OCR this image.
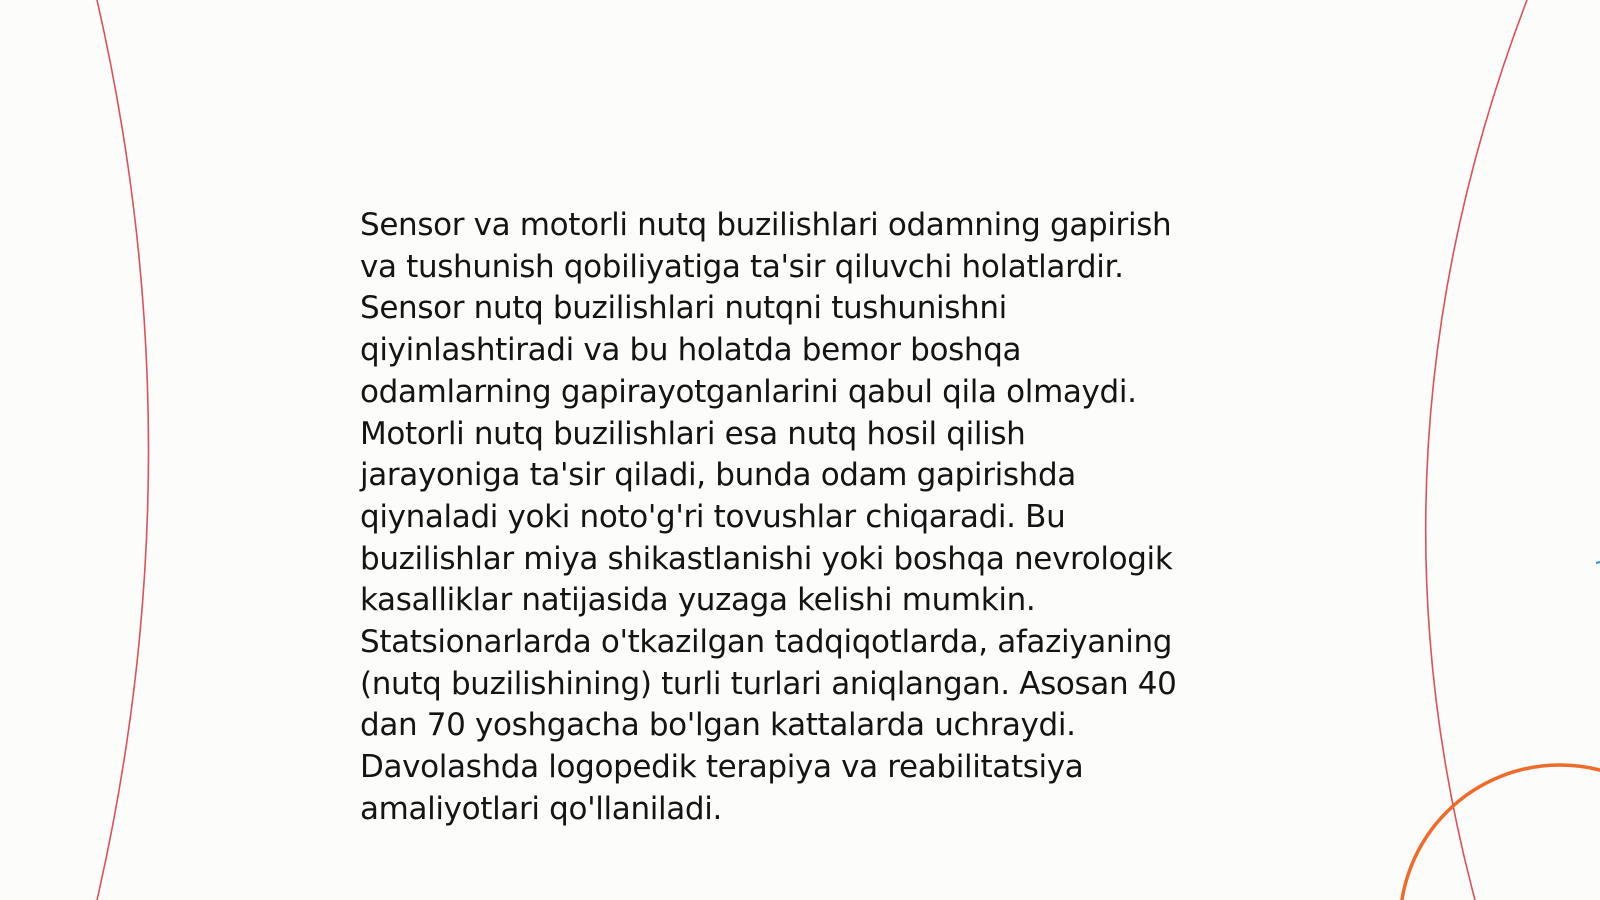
Sensor va motorli nutq buzilishlari odamning gapirish
va tushunish qobiliyatiga ta'sir qiluvchi holatlardir.
Sensor nutq buzilishlari nutqni tushunishni
qiyinlashtiradi va bu holatda bemor boshqa
odamlarning gapirayotganlarini qabul qila olmaydi.
Motorli nutq buzilishlari esa nutq hosil qilish
jarayoniga ta'sir qiladi, bunda odam gapirishda
qiynaladi yoki noto'g'ri tovushlar chiqaradi. Bu
buzilishlar miya shikastlanishi yoki boshqa nevrologik
kasalliklar natijasida yuzaga kelishi mumkin.
Statsionarlarda o'tkazilgan tadqiqotlarda, afaziyaning
(nutq buzilishining) turli turlari aniqlangan. Asosan 40
dan 70 yoshgacha bo'lgan kattalarda uchraydi.
Davolashda logopedik terapiya va reabilitatsiya
amaliyotlari qo'llaniladi.
